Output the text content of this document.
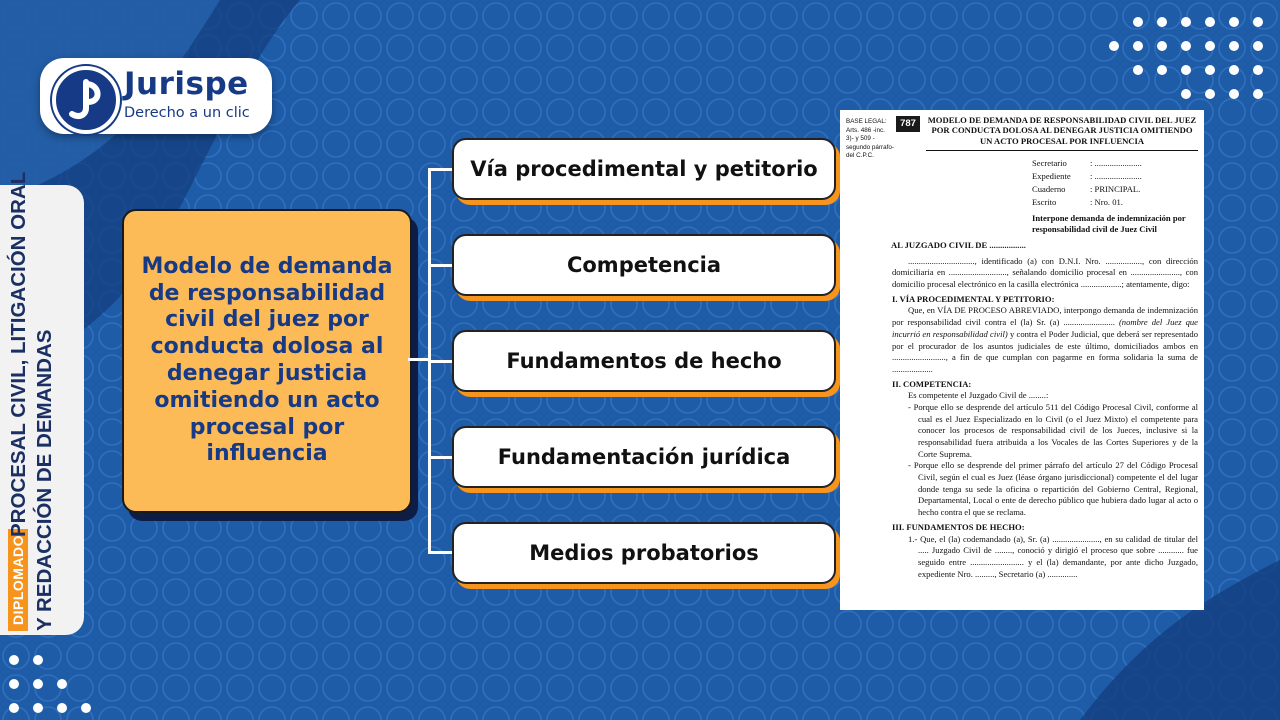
Jurispe
Derecho a un clic
DIPLOMADO
PROCESAL CIVIL, LITIGACIÓN ORAL Y REDACCIÓN DE DEMANDAS
Modelo de demanda de responsabilidad civil del juez por conducta dolosa al denegar justicia omitiendo un acto procesal por influencia
Vía procedimental y petitorio
Competencia
Fundamentos de hecho
Fundamentación jurídica
Medios probatorios
BASE LEGAL: Arts. 486 -inc. 3)- y 509 -segundo párrafo- del C.P.C.
787	MODELO DE DEMANDA DE RESPONSABILIDAD CIVIL DEL JUEZ POR CONDUCTA DOLOSA AL DENEGAR JUSTICIA OMITIENDO UN ACTO PROCESAL POR INFLUENCIA
Secretario	: ......................
Expediente	: ......................
Cuaderno	: PRINCIPAL.
Escrito	: Nro. 01.
Interpone demanda de indemnización por responsabilidad civil de Juez Civil

AL JUZGADO CIVIL DE .................

..............................., identificado (a) con D.N.I. Nro. ................., con dirección domiciliaria en ..........................., señalando domicilio procesal en ......................., con domicilio procesal electrónico en la casilla electrónica ...................; atentamente, digo:

I. VÍA PROCEDIMENTAL Y PETITORIO:

Que, en VÍA DE PROCESO ABREVIADO, interpongo demanda de indemnización por responsabilidad civil contra el (la) Sr. (a) ........................ (nombre del Juez que incurrió en responsabilidad civil) y contra el Poder Judicial, que deberá ser representado por el procurador de los asuntos judiciales de este último, domiciliados ambos en ........................., a fin de que cumplan con pagarme en forma solidaria la suma de ...................

II. COMPETENCIA:

Es competente el Juzgado Civil de ........:

- Porque ello se desprende del artículo 511 del Código Procesal Civil, conforme al cual es el Juez Especializado en lo Civil (o el Juez Mixto) el competente para conocer los procesos de responsabilidad civil de los Jueces, inclusive si la responsabilidad fuera atribuida a los Vocales de las Cortes Superiores y de la Corte Suprema.

- Porque ello se desprende del primer párrafo del artículo 27 del Código Procesal Civil, según el cual es Juez (léase órgano jurisdiccional) competente el del lugar donde tenga su sede la oficina o repartición del Gobierno Central, Regional, Departamental, Local o ente de derecho público que hubiera dado lugar al acto o hecho contra el que se reclama.

III. FUNDAMENTOS DE HECHO:

1.- Que, el (la) codemandado (a), Sr. (a) ......................, en su calidad de titular del ..... Juzgado Civil de ........, conoció y dirigió el proceso que sobre ............ fue seguido entre ......................... y el (la) demandante, por ante dicho Juzgado, expediente Nro. ........., Secretario (a) ..............
